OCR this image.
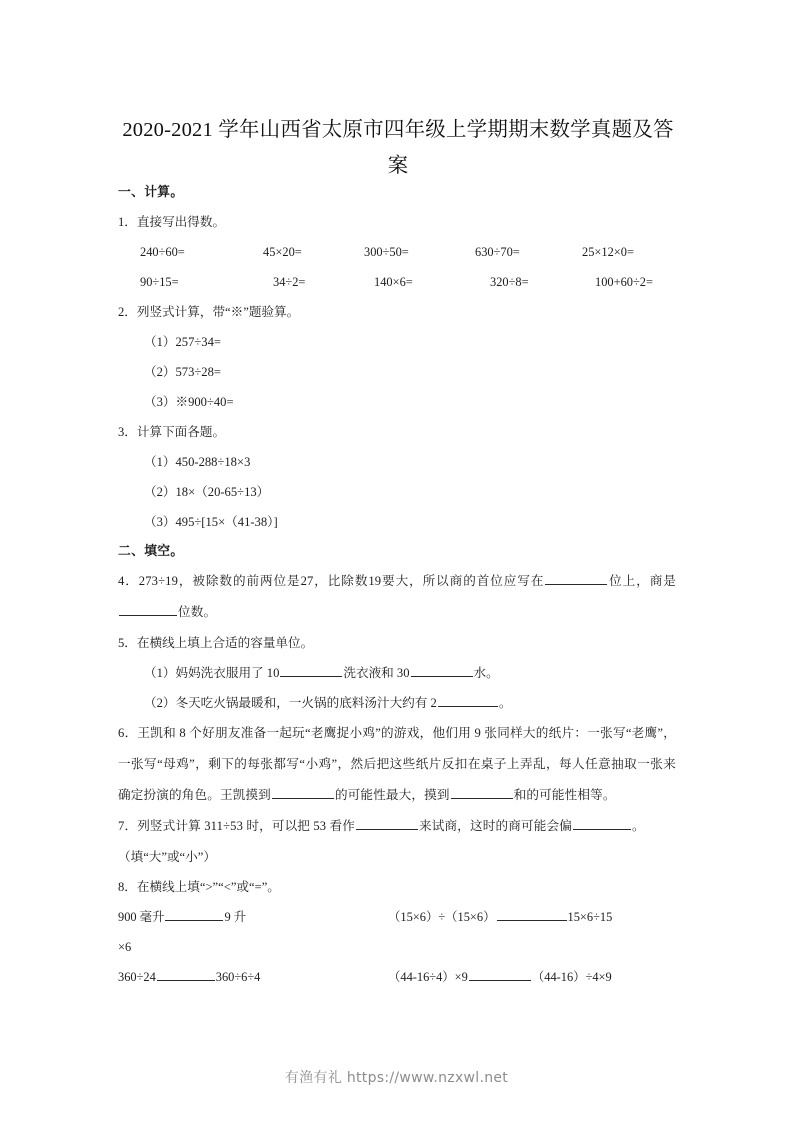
2020-2021 学年山西省太原市四年级上学期期末数学真题及答案

一、计算。

1．直接写出得数。

240÷60=	45×20=	300÷50=	630÷70=	25×12×0=
90÷15=	34÷2=	140×6=	320÷8=	100+60÷2=

2．列竖式计算，带“※”题验算。

（1）257÷34=

（2）573÷28=

（3）※900÷40=

3．计算下面各题。

（1）450-288÷18×3

（2）18×（20-65÷13）

（3）495÷[15×（41-38）]

二、填空。

4．273÷19，被除数的前两位是27，比除数19要大，所以商的首位应写在	位上，商是位数。

5．在横线上填上合适的容量单位。

（1）妈妈洗衣服用了 10	洗衣液和 30	水。

（2）冬天吃火锅最暖和，一火锅的底料汤汁大约有 2	。

6．王凯和 8 个好朋友准备一起玩“老鹰捉小鸡”的游戏，他们用 9 张同样大的纸片：一张写“老鹰”，一张写“母鸡”，剩下的每张都写“小鸡”，然后把这些纸片反扣在桌子上弄乱，每人任意抽取一张来确定扮演的角色。王凯摸到	的可能性最大，摸到	和的可能性相等。

7．列竖式计算 311÷53 时，可以把 53 看作	来试商，这时的商可能会偏	。

（填“大”或“小”）

8．在横线上填“>”“<”或“=”。

900 毫升	9 升	（15×6）÷（15×6）	15×6÷15

×6

360÷24	360÷6÷4	（44-16÷4）×9	（44-16）÷4×9
有渔有礼 https://www.nzxwl.net
